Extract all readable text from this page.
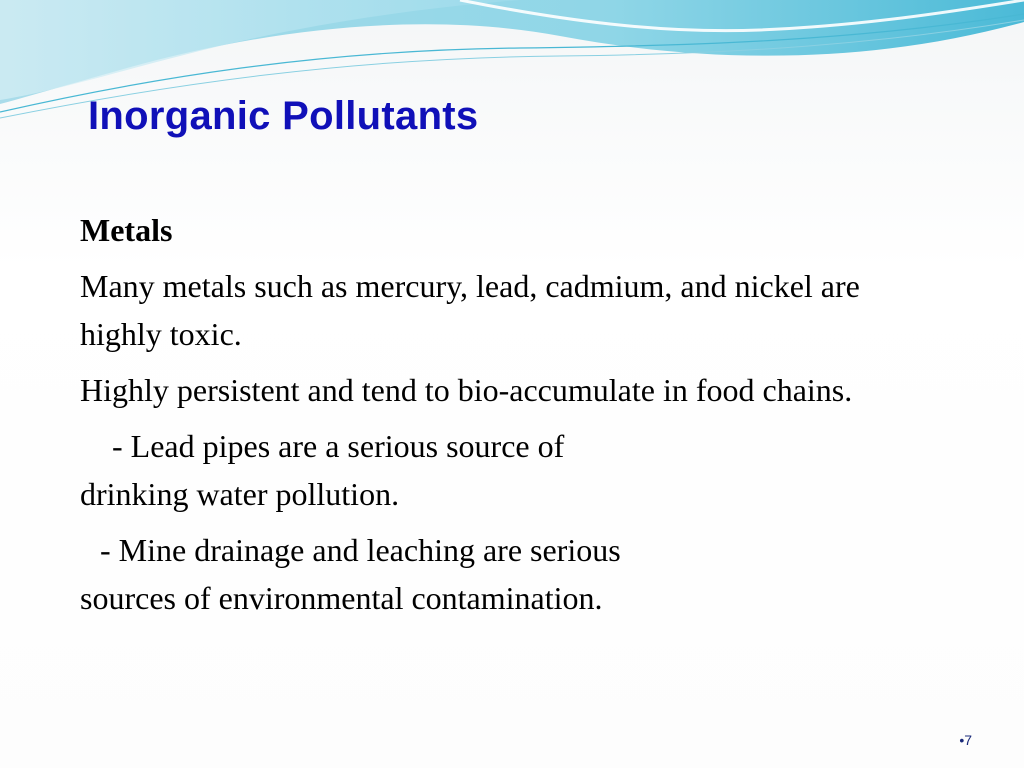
Inorganic Pollutants

Metals

Many metals such as mercury, lead, cadmium, and nickel are highly toxic.

Highly persistent and tend to bio-accumulate in food chains.

- Lead pipes are a serious source of
drinking water pollution.

- Mine drainage and leaching are serious
sources of environmental contamination.

•7
